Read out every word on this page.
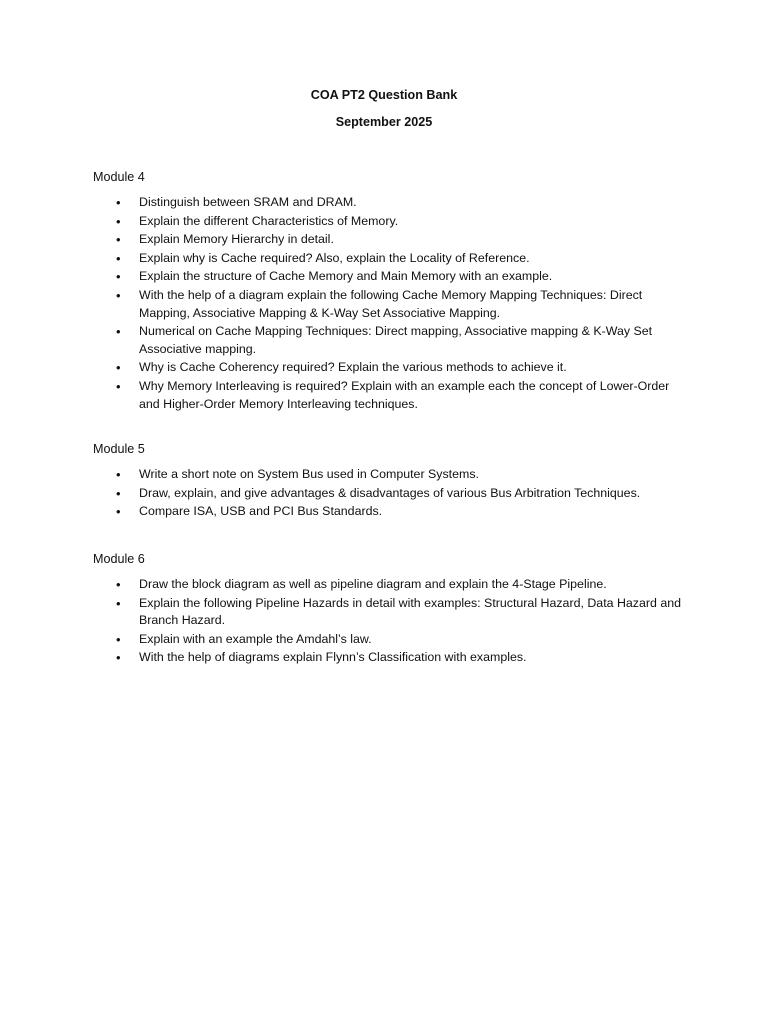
COA PT2 Question Bank
September 2025

Module 4

• Distinguish between SRAM and DRAM.
• Explain the different Characteristics of Memory.
• Explain Memory Hierarchy in detail.
• Explain why is Cache required? Also, explain the Locality of Reference.
• Explain the structure of Cache Memory and Main Memory with an example.
• With the help of a diagram explain the following Cache Memory Mapping Techniques: Direct Mapping, Associative Mapping & K-Way Set Associative Mapping.
• Numerical on Cache Mapping Techniques: Direct mapping, Associative mapping & K-Way Set Associative mapping.
• Why is Cache Coherency required? Explain the various methods to achieve it.
• Why Memory Interleaving is required? Explain with an example each the concept of Lower-Order and Higher-Order Memory Interleaving techniques.

Module 5

• Write a short note on System Bus used in Computer Systems.
• Draw, explain, and give advantages & disadvantages of various Bus Arbitration Techniques.
• Compare ISA, USB and PCI Bus Standards.

Module 6

• Draw the block diagram as well as pipeline diagram and explain the 4-Stage Pipeline.
• Explain the following Pipeline Hazards in detail with examples: Structural Hazard, Data Hazard and Branch Hazard.
• Explain with an example the Amdahl’s law.
• With the help of diagrams explain Flynn’s Classification with examples.
